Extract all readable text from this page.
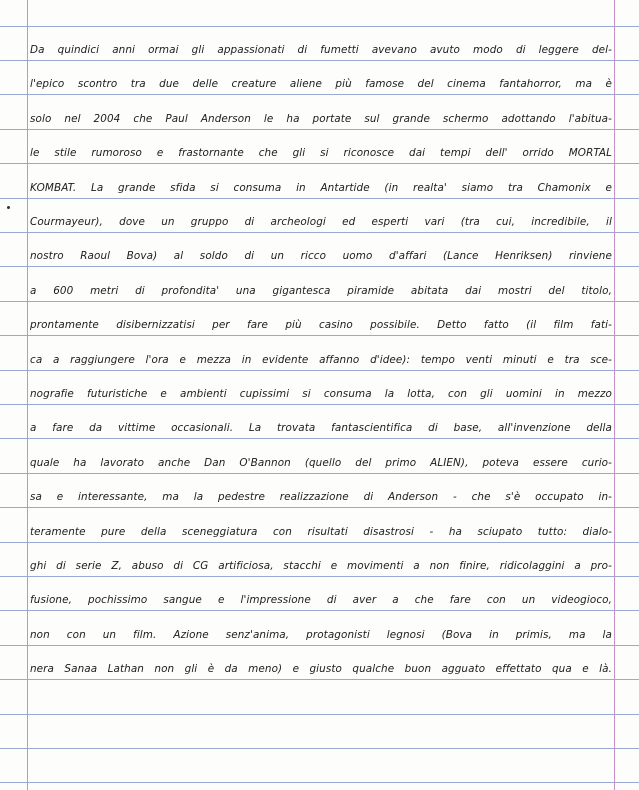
Da quindici anni ormai gli appassionati di fumetti avevano avuto modo di leggere del-
l'epico scontro tra due delle creature aliene più famose del cinema fantahorror, ma è
solo nel 2004 che Paul Anderson le ha portate sul grande schermo adottando l'abitua-
le stile rumoroso e frastornante che gli si riconosce dai tempi dell' orrido MORTAL
KOMBAT. La grande sfida si consuma in Antartide (in realta' siamo tra Chamonix e
Courmayeur), dove un gruppo di archeologi ed esperti vari (tra cui, incredibile, il
nostro Raoul Bova) al soldo di un ricco uomo d'affari (Lance Henriksen) rinviene
a 600 metri di profondita' una gigantesca piramide abitata dai mostri del titolo,
prontamente disibernizzatisi per fare più casino possibile. Detto fatto (il film fati-
ca a raggiungere l'ora e mezza in evidente affanno d'idee): tempo venti minuti e tra sce-
nografie futuristiche e ambienti cupissimi si consuma la lotta, con gli uomini in mezzo
a fare da vittime occasionali. La trovata fantascientifica di base, all'invenzione della
quale ha lavorato anche Dan O'Bannon (quello del primo ALIEN), poteva essere curio-
sa e interessante, ma la pedestre realizzazione di Anderson - che s'è occupato in-
teramente pure della sceneggiatura con risultati disastrosi - ha sciupato tutto: dialo-
ghi di serie Z, abuso di CG artificiosa, stacchi e movimenti a non finire, ridicolaggini a pro-
fusione, pochissimo sangue e l'impressione di aver a che fare con un videogioco,
non con un film. Azione senz'anima, protagonisti legnosi (Bova in primis, ma la
nera Sanaa Lathan non gli è da meno) e giusto qualche buon agguato effettato qua e là.
